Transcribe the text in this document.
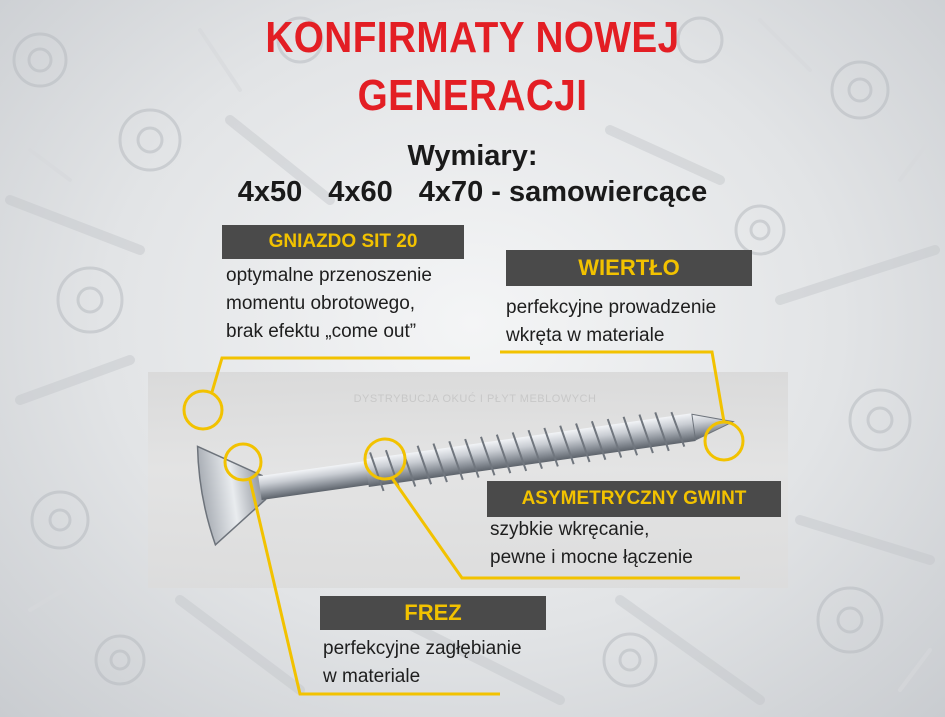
DYSTRYBUCJA OKUĆ I PŁYT MEBLOWYCH
KONFIRMATY NOWEJ
GENERACJI
Wymiary:
4x50 4x60 4x70 - samowiercące
GNIAZDO SIT 20
optymalne przenoszenie
momentu obrotowego,
brak efektu „come out”
WIERTŁO
perfekcyjne prowadzenie
wkręta w materiale
ASYMETRYCZNY GWINT
szybkie wkręcanie,
pewne i mocne łączenie
FREZ
perfekcyjne zagłębianie
w materiale
